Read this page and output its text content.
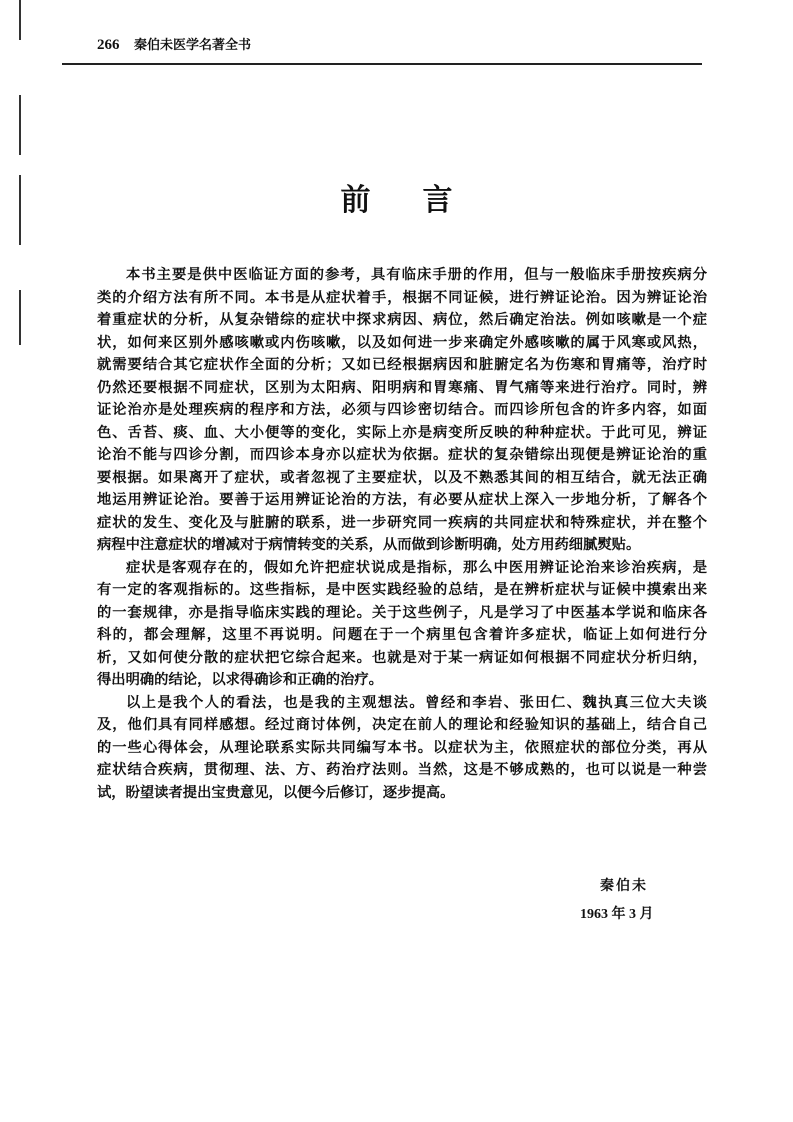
266 秦伯未医学名著全书
前言
本书主要是供中医临证方面的参考，具有临床手册的作用，但与一般临床手册按疾病分
类的介绍方法有所不同。本书是从症状着手，根据不同证候，进行辨证论治。因为辨证论治
着重症状的分析，从复杂错综的症状中探求病因、病位，然后确定治法。例如咳嗽是一个症
状，如何来区别外感咳嗽或内伤咳嗽，以及如何进一步来确定外感咳嗽的属于风寒或风热，
就需要结合其它症状作全面的分析；又如已经根据病因和脏腑定名为伤寒和胃痛等，治疗时
仍然还要根据不同症状，区别为太阳病、阳明病和胃寒痛、胃气痛等来进行治疗。同时，辨
证论治亦是处理疾病的程序和方法，必须与四诊密切结合。而四诊所包含的许多内容，如面
色、舌苔、痰、血、大小便等的变化，实际上亦是病变所反映的种种症状。于此可见，辨证
论治不能与四诊分割，而四诊本身亦以症状为依据。症状的复杂错综出现便是辨证论治的重
要根据。如果离开了症状，或者忽视了主要症状，以及不熟悉其间的相互结合，就无法正确
地运用辨证论治。要善于运用辨证论治的方法，有必要从症状上深入一步地分析，了解各个
症状的发生、变化及与脏腑的联系，进一步研究同一疾病的共同症状和特殊症状，并在整个
病程中注意症状的增减对于病情转变的关系，从而做到诊断明确，处方用药细腻熨贴。
症状是客观存在的，假如允许把症状说成是指标，那么中医用辨证论治来诊治疾病，是
有一定的客观指标的。这些指标，是中医实践经验的总结，是在辨析症状与证候中摸索出来
的一套规律，亦是指导临床实践的理论。关于这些例子，凡是学习了中医基本学说和临床各
科的，都会理解，这里不再说明。问题在于一个病里包含着许多症状，临证上如何进行分
析，又如何使分散的症状把它综合起来。也就是对于某一病证如何根据不同症状分析归纳，
得出明确的结论，以求得确诊和正确的治疗。
以上是我个人的看法，也是我的主观想法。曾经和李岩、张田仁、魏执真三位大夫谈
及，他们具有同样感想。经过商讨体例，决定在前人的理论和经验知识的基础上，结合自己
的一些心得体会，从理论联系实际共同编写本书。以症状为主，依照症状的部位分类，再从
症状结合疾病，贯彻理、法、方、药治疗法则。当然，这是不够成熟的，也可以说是一种尝
试，盼望读者提出宝贵意见，以便今后修订，逐步提高。
秦伯未
1963 年 3 月
